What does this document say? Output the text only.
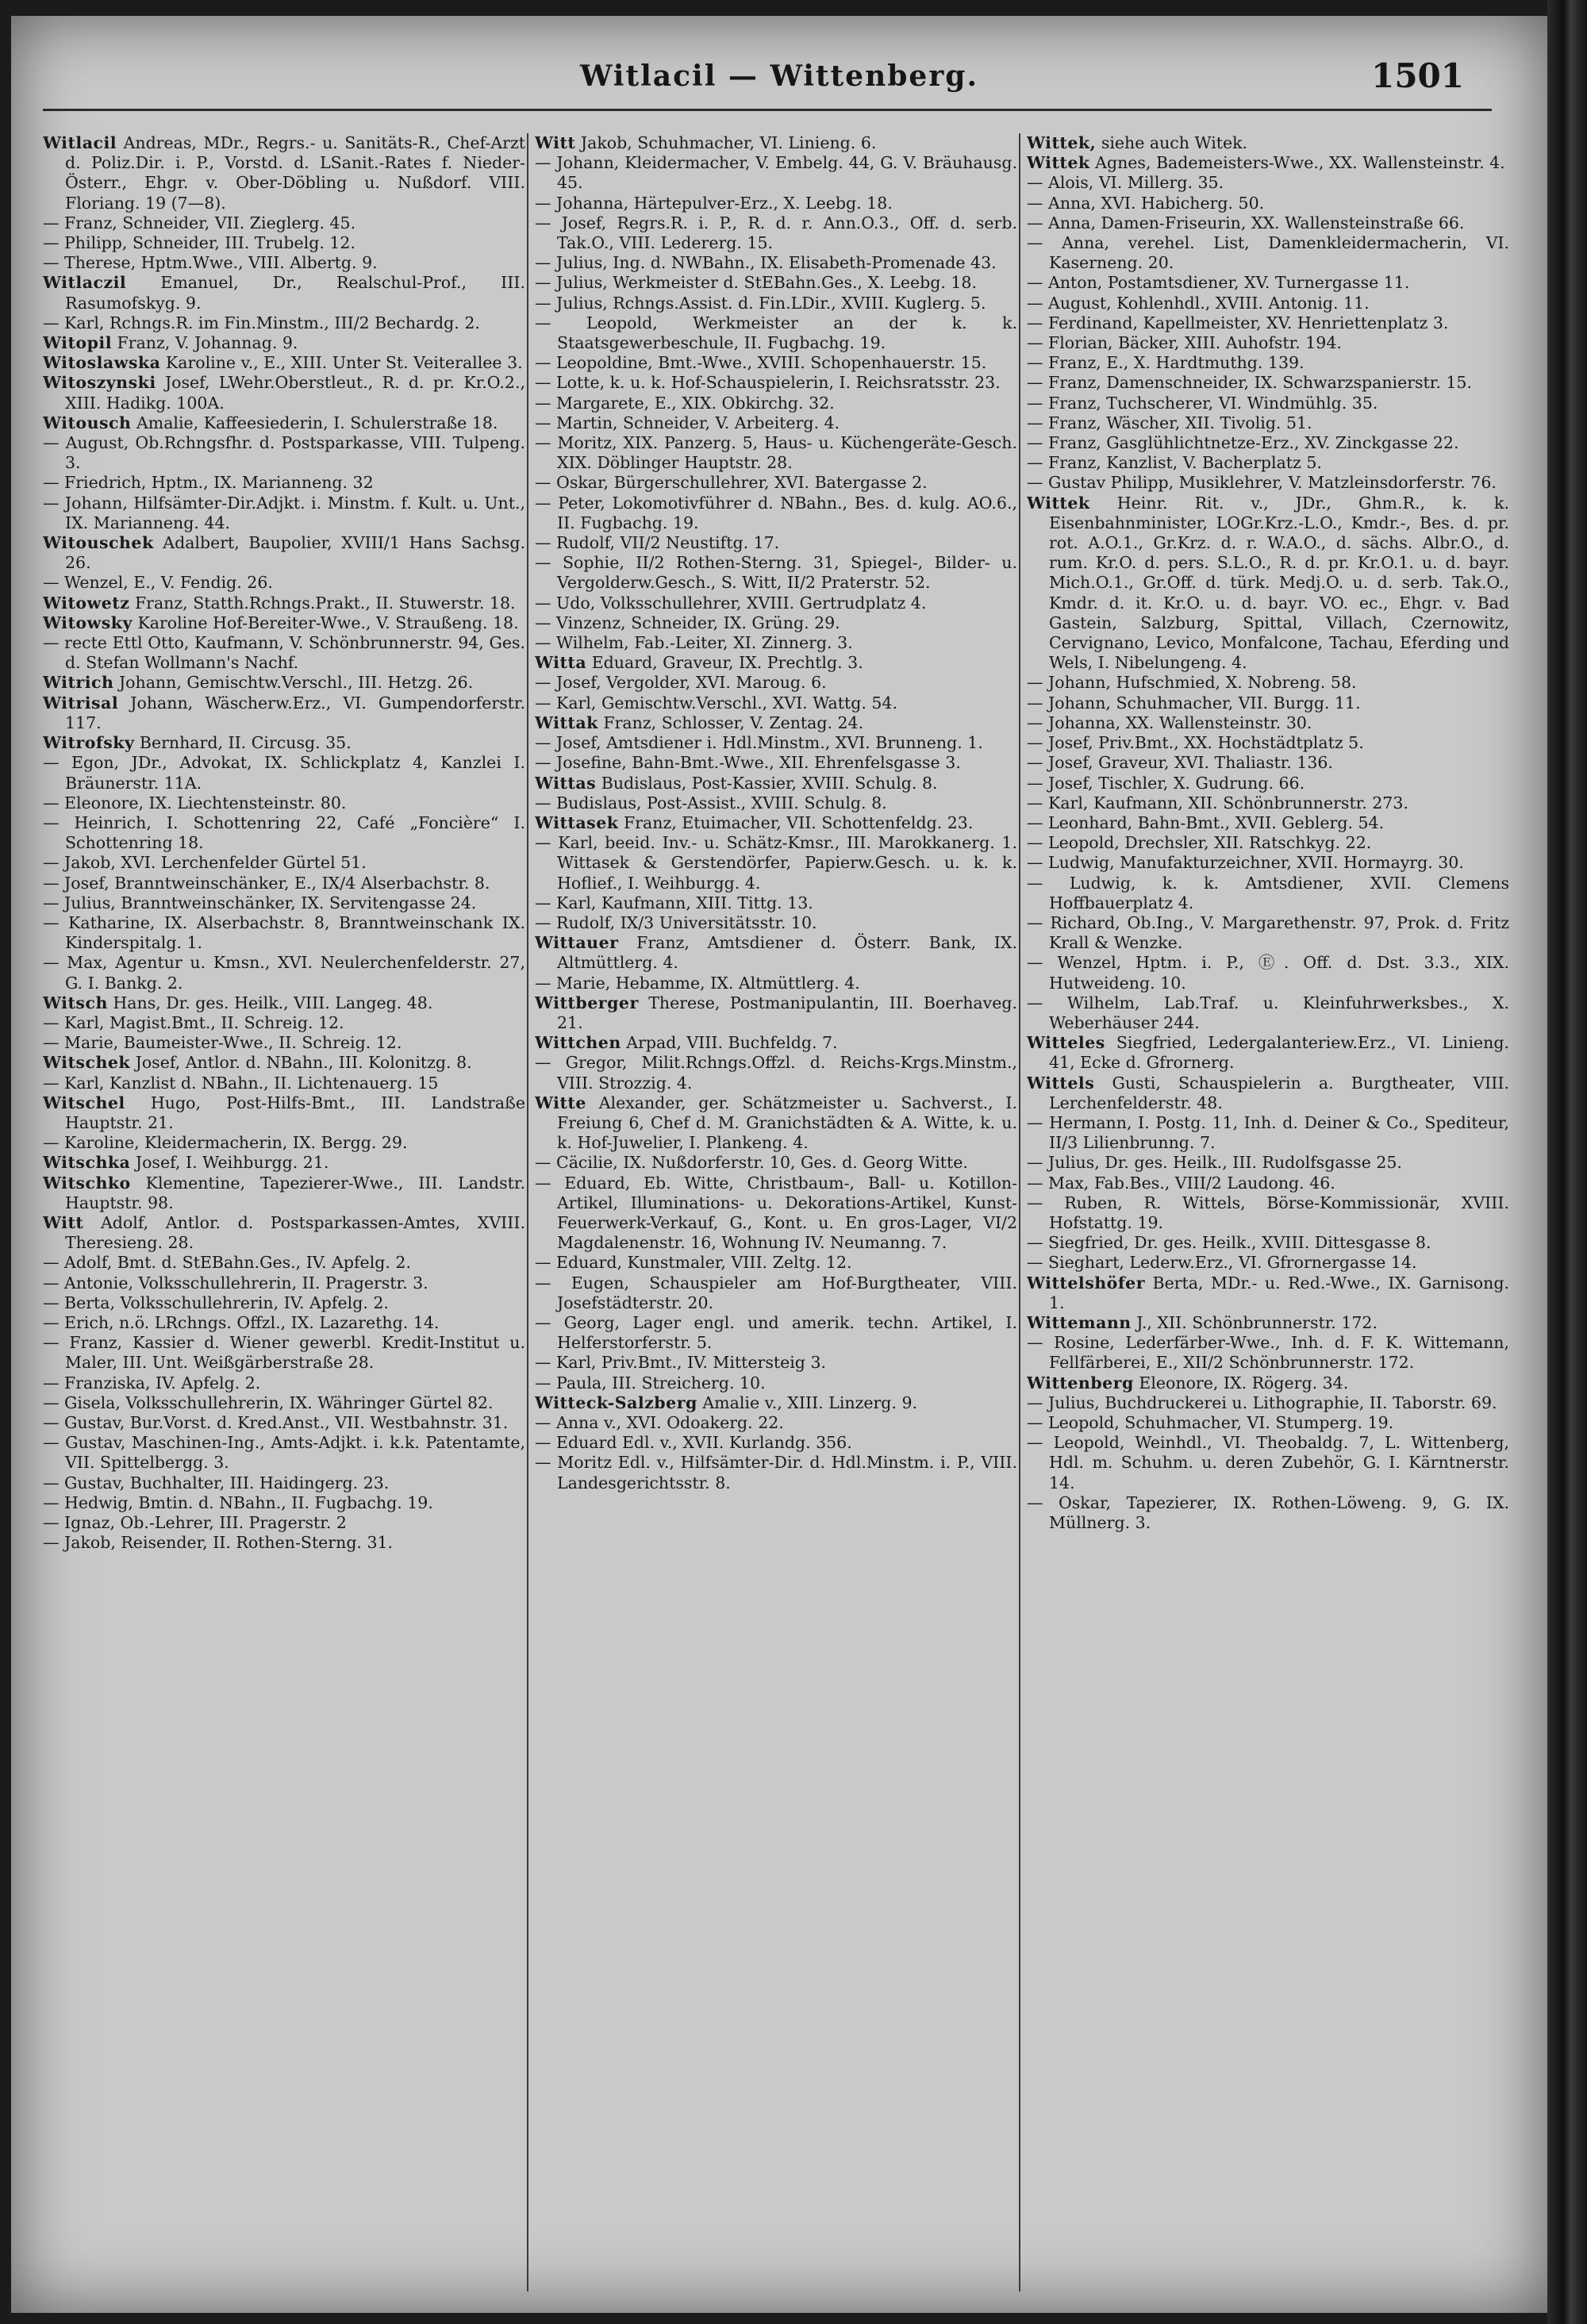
Witlacil — Wittenberg.	1501

Witlacil Andreas, MDr., Regrs.- u. Sanitäts-R., Chef-Arzt d. Poliz.Dir. i. P., Vorstd. d. LSanit.-Rates f. Nieder-Österr., Ehgr. v. Ober-Döbling u. Nußdorf. VIII. Floriang. 19 (7—8).

— Franz, Schneider, VII. Zieglerg. 45.

— Philipp, Schneider, III. Trubelg. 12.

— Therese, Hptm.Wwe., VIII. Albertg. 9.

Witlaczil Emanuel, Dr., Realschul-Prof., III. Rasumofskyg. 9.

— Karl, Rchngs.R. im Fin.Minstm., III/2 Bechardg. 2.

Witopil Franz, V. Johannag. 9.

Witoslawska Karoline v., E., XIII. Unter St. Veiterallee 3.

Witoszynski Josef, LWehr.Oberstleut., R. d. pr. Kr.O.2., XIII. Hadikg. 100A.

Witousch Amalie, Kaffeesiederin, I. Schulerstraße 18.

— August, Ob.Rchngsfhr. d. Postsparkasse, VIII. Tulpeng. 3.

— Friedrich, Hptm., IX. Marianneng. 32

— Johann, Hilfsämter-Dir.Adjkt. i. Minstm. f. Kult. u. Unt., IX. Marianneng. 44.

Witouschek Adalbert, Baupolier, XVIII/1 Hans Sachsg. 26.

— Wenzel, E., V. Fendig. 26.

Witowetz Franz, Statth.Rchngs.Prakt., II. Stuwerstr. 18.

Witowsky Karoline Hof-Bereiter-Wwe., V. Straußeng. 18.

— recte Ettl Otto, Kaufmann, V. Schönbrunnerstr. 94, Ges. d. Stefan Wollmann's Nachf.

Witrich Johann, Gemischtw.Verschl., III. Hetzg. 26.

Witrisal Johann, Wäscherw.Erz., VI. Gumpendorferstr. 117.

Witrofsky Bernhard, II. Circusg. 35.

— Egon, JDr., Advokat, IX. Schlickplatz 4, Kanzlei I. Bräunerstr. 11A.

— Eleonore, IX. Liechtensteinstr. 80.

— Heinrich, I. Schottenring 22, Café „Foncière“ I. Schottenring 18.

— Jakob, XVI. Lerchenfelder Gürtel 51.

— Josef, Branntweinschänker, E., IX/4 Alserbachstr. 8.

— Julius, Branntweinschänker, IX. Servitengasse 24.

— Katharine, IX. Alserbachstr. 8, Branntweinschank IX. Kinderspitalg. 1.

— Max, Agentur u. Kmsn., XVI. Neulerchenfelderstr. 27, G. I. Bankg. 2.

Witsch Hans, Dr. ges. Heilk., VIII. Langeg. 48.

— Karl, Magist.Bmt., II. Schreig. 12.

— Marie, Baumeister-Wwe., II. Schreig. 12.

Witschek Josef, Antlor. d. NBahn., III. Kolonitzg. 8.

— Karl, Kanzlist d. NBahn., II. Lichtenauerg. 15

Witschel Hugo, Post-Hilfs-Bmt., III. Landstraße Hauptstr. 21.

— Karoline, Kleidermacherin, IX. Bergg. 29.

Witschka Josef, I. Weihburgg. 21.

Witschko Klementine, Tapezierer-Wwe., III. Landstr. Hauptstr. 98.

Witt Adolf, Antlor. d. Postsparkassen-Amtes, XVIII. Theresieng. 28.

— Adolf, Bmt. d. StEBahn.Ges., IV. Apfelg. 2.

— Antonie, Volksschullehrerin, II. Pragerstr. 3.

— Berta, Volksschullehrerin, IV. Apfelg. 2.

— Erich, n.ö. LRchngs. Offzl., IX. Lazarethg. 14.

— Franz, Kassier d. Wiener gewerbl. Kredit-Institut u. Maler, III. Unt. Weißgärberstraße 28.

— Franziska, IV. Apfelg. 2.

— Gisela, Volksschullehrerin, IX. Währinger Gürtel 82.

— Gustav, Bur.Vorst. d. Kred.Anst., VII. Westbahnstr. 31.

— Gustav, Maschinen-Ing., Amts-Adjkt. i. k.k. Patentamte, VII. Spittelbergg. 3.

— Gustav, Buchhalter, III. Haidingerg. 23.

— Hedwig, Bmtin. d. NBahn., II. Fugbachg. 19.

— Ignaz, Ob.-Lehrer, III. Pragerstr. 2

— Jakob, Reisender, II. Rothen-Sterng. 31.

Witt Jakob, Schuhmacher, VI. Linieng. 6.

— Johann, Kleidermacher, V. Embelg. 44, G. V. Bräuhausg. 45.

— Johanna, Härtepulver-Erz., X. Leebg. 18.

— Josef, Regrs.R. i. P., R. d. r. Ann.O.3., Off. d. serb. Tak.O., VIII. Ledererg. 15.

— Julius, Ing. d. NWBahn., IX. Elisabeth-Promenade 43.

— Julius, Werkmeister d. StEBahn.Ges., X. Leebg. 18.

— Julius, Rchngs.Assist. d. Fin.LDir., XVIII. Kuglerg. 5.

— Leopold, Werkmeister an der k. k. Staatsgewerbeschule, II. Fugbachg. 19.

— Leopoldine, Bmt.-Wwe., XVIII. Schopenhauerstr. 15.

— Lotte, k. u. k. Hof-Schauspielerin, I. Reichsratsstr. 23.

— Margarete, E., XIX. Obkirchg. 32.

— Martin, Schneider, V. Arbeiterg. 4.

— Moritz, XIX. Panzerg. 5, Haus- u. Küchengeräte-Gesch. XIX. Döblinger Hauptstr. 28.

— Oskar, Bürgerschullehrer, XVI. Batergasse 2.

— Peter, Lokomotivführer d. NBahn., Bes. d. kulg. AO.6., II. Fugbachg. 19.

— Rudolf, VII/2 Neustiftg. 17.

— Sophie, II/2 Rothen-Sterng. 31, Spiegel-, Bilder- u. Vergolderw.Gesch., S. Witt, II/2 Praterstr. 52.

— Udo, Volksschullehrer, XVIII. Gertrudplatz 4.

— Vinzenz, Schneider, IX. Grüng. 29.

— Wilhelm, Fab.-Leiter, XI. Zinnerg. 3.

Witta Eduard, Graveur, IX. Prechtlg. 3.

— Josef, Vergolder, XVI. Maroug. 6.

— Karl, Gemischtw.Verschl., XVI. Wattg. 54.

Wittak Franz, Schlosser, V. Zentag. 24.

— Josef, Amtsdiener i. Hdl.Minstm., XVI. Brunneng. 1.

— Josefine, Bahn-Bmt.-Wwe., XII. Ehrenfelsgasse 3.

Wittas Budislaus, Post-Kassier, XVIII. Schulg. 8.

— Budislaus, Post-Assist., XVIII. Schulg. 8.

Wittasek Franz, Etuimacher, VII. Schottenfeldg. 23.

— Karl, beeid. Inv.- u. Schätz-Kmsr., III. Marokkanerg. 1. Wittasek & Gerstendörfer, Papierw.Gesch. u. k. k. Hoflief., I. Weihburgg. 4.

— Karl, Kaufmann, XIII. Tittg. 13.

— Rudolf, IX/3 Universitätsstr. 10.

Wittauer Franz, Amtsdiener d. Österr. Bank, IX. Altmüttlerg. 4.

— Marie, Hebamme, IX. Altmüttlerg. 4.

Wittberger Therese, Postmanipulantin, III. Boerhaveg. 21.

Wittchen Arpad, VIII. Buchfeldg. 7.

— Gregor, Milit.Rchngs.Offzl. d. Reichs-Krgs.Minstm., VIII. Strozzig. 4.

Witte Alexander, ger. Schätzmeister u. Sachverst., I. Freiung 6, Chef d. M. Granichstädten & A. Witte, k. u. k. Hof-Juwelier, I. Plankeng. 4.

— Cäcilie, IX. Nußdorferstr. 10, Ges. d. Georg Witte.

— Eduard, Eb. Witte, Christbaum-, Ball- u. Kotillon-Artikel, Illuminations- u. Dekorations-Artikel, Kunst-Feuerwerk-Verkauf, G., Kont. u. En gros-Lager, VI/2 Magdalenenstr. 16, Wohnung IV. Neumanng. 7.

— Eduard, Kunstmaler, VIII. Zeltg. 12.

— Eugen, Schauspieler am Hof-Burgtheater, VIII. Josefstädterstr. 20.

— Georg, Lager engl. und amerik. techn. Artikel, I. Helferstorferstr. 5.

— Karl, Priv.Bmt., IV. Mittersteig 3.

— Paula, III. Streicherg. 10.

Witteck-Salzberg Amalie v., XIII. Linzerg. 9.

— Anna v., XVI. Odoakerg. 22.

— Eduard Edl. v., XVII. Kurlandg. 356.

— Moritz Edl. v., Hilfsämter-Dir. d. Hdl.Minstm. i. P., VIII. Landesgerichtsstr. 8.

Wittek, siehe auch Witek.

Wittek Agnes, Bademeisters-Wwe., XX. Wallensteinstr. 4.

— Alois, VI. Millerg. 35.

— Anna, XVI. Habicherg. 50.

— Anna, Damen-Friseurin, XX. Wallensteinstraße 66.

— Anna, verehel. List, Damenkleidermacherin, VI. Kaserneng. 20.

— Anton, Postamtsdiener, XV. Turnergasse 11.

— August, Kohlenhdl., XVIII. Antonig. 11.

— Ferdinand, Kapellmeister, XV. Henriettenplatz 3.

— Florian, Bäcker, XIII. Auhofstr. 194.

— Franz, E., X. Hardtmuthg. 139.

— Franz, Damenschneider, IX. Schwarzspanierstr. 15.

— Franz, Tuchscherer, VI. Windmühlg. 35.

— Franz, Wäscher, XII. Tivolig. 51.

— Franz, Gasglühlichtnetze-Erz., XV. Zinckgasse 22.

— Franz, Kanzlist, V. Bacherplatz 5.

— Gustav Philipp, Musiklehrer, V. Matzleinsdorferstr. 76.

Wittek Heinr. Rit. v., JDr., Ghm.R., k. k. Eisenbahnminister, LOGr.Krz.-L.O., Kmdr.-, Bes. d. pr. rot. A.O.1., Gr.Krz. d. r. W.A.O., d. sächs. Albr.O., d. rum. Kr.O. d. pers. S.L.O., R. d. pr. Kr.O.1. u. d. bayr. Mich.O.1., Gr.Off. d. türk. Medj.O. u. d. serb. Tak.O., Kmdr. d. it. Kr.O. u. d. bayr. VO. ec., Ehgr. v. Bad Gastein, Salzburg, Spittal, Villach, Czernowitz, Cervignano, Levico, Monfalcone, Tachau, Eferding und Wels, I. Nibelungeng. 4.

— Johann, Hufschmied, X. Nobreng. 58.

— Johann, Schuhmacher, VII. Burgg. 11.

— Johanna, XX. Wallensteinstr. 30.

— Josef, Priv.Bmt., XX. Hochstädtplatz 5.

— Josef, Graveur, XVI. Thaliastr. 136.

— Josef, Tischler, X. Gudrung. 66.

— Karl, Kaufmann, XII. Schönbrunnerstr. 273.

— Leonhard, Bahn-Bmt., XVII. Geblerg. 54.

— Leopold, Drechsler, XII. Ratschkyg. 22.

— Ludwig, Manufakturzeichner, XVII. Hormayrg. 30.

— Ludwig, k. k. Amtsdiener, XVII. Clemens Hoffbauerplatz 4.

— Richard, Ob.Ing., V. Margarethenstr. 97, Prok. d. Fritz Krall & Wenzke.

— Wenzel, Hptm. i. P., Ⓔ. Off. d. Dst. 3.3., XIX. Hutweideng. 10.

— Wilhelm, Lab.Traf. u. Kleinfuhrwerksbes., X. Weberhäuser 244.

Witteles Siegfried, Ledergalanteriew.Erz., VI. Linieng. 41, Ecke d. Gfrornerg.

Wittels Gusti, Schauspielerin a. Burgtheater, VIII. Lerchenfelderstr. 48.

— Hermann, I. Postg. 11, Inh. d. Deiner & Co., Spediteur, II/3 Lilienbrunng. 7.

— Julius, Dr. ges. Heilk., III. Rudolfsgasse 25.

— Max, Fab.Bes., VIII/2 Laudong. 46.

— Ruben, R. Wittels, Börse-Kommissionär, XVIII. Hofstattg. 19.

— Siegfried, Dr. ges. Heilk., XVIII. Dittesgasse 8.

— Sieghart, Lederw.Erz., VI. Gfrornergasse 14.

Wittelshöfer Berta, MDr.- u. Red.-Wwe., IX. Garnisong. 1.

Wittemann J., XII. Schönbrunnerstr. 172.

— Rosine, Lederfärber-Wwe., Inh. d. F. K. Wittemann, Fellfärberei, E., XII/2 Schönbrunnerstr. 172.

Wittenberg Eleonore, IX. Rögerg. 34.

— Julius, Buchdruckerei u. Lithographie, II. Taborstr. 69.

— Leopold, Schuhmacher, VI. Stumperg. 19.

— Leopold, Weinhdl., VI. Theobaldg. 7, L. Wittenberg, Hdl. m. Schuhm. u. deren Zubehör, G. I. Kärntnerstr. 14.

— Oskar, Tapezierer, IX. Rothen-Löweng. 9, G. IX. Müllnerg. 3.
